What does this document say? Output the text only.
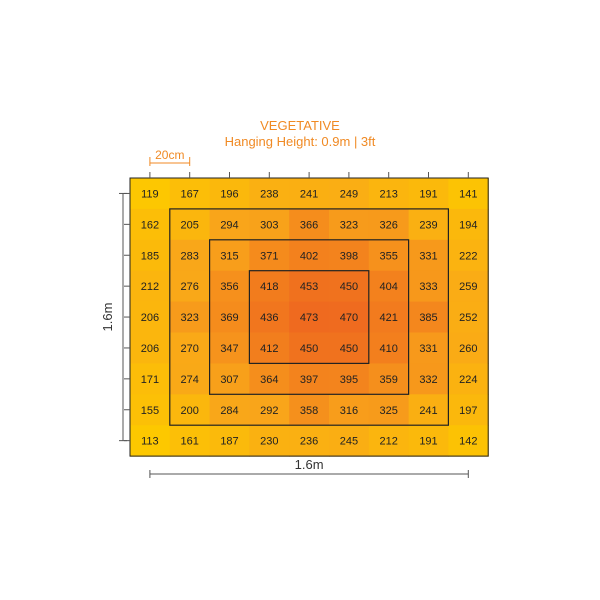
VEGETATIVE
Hanging Height: 0.9m | 3ft
119 167 196 238 241 249 213 191 141
162 205 294 303 366 323 326 239 194
185 283 315 371 402 398 355 331 222
212 276 356 418 453 450 404 333 259
206 323 369 436 473 470 421 385 252
206 270 347 412 450 450 410 331 260
171 274 307 364 397 395 359 332 224
155 200 284 292 358 316 325 241 197
113 161 187 230 236 245 212 191 142
20cm
1.6m
1.6m
